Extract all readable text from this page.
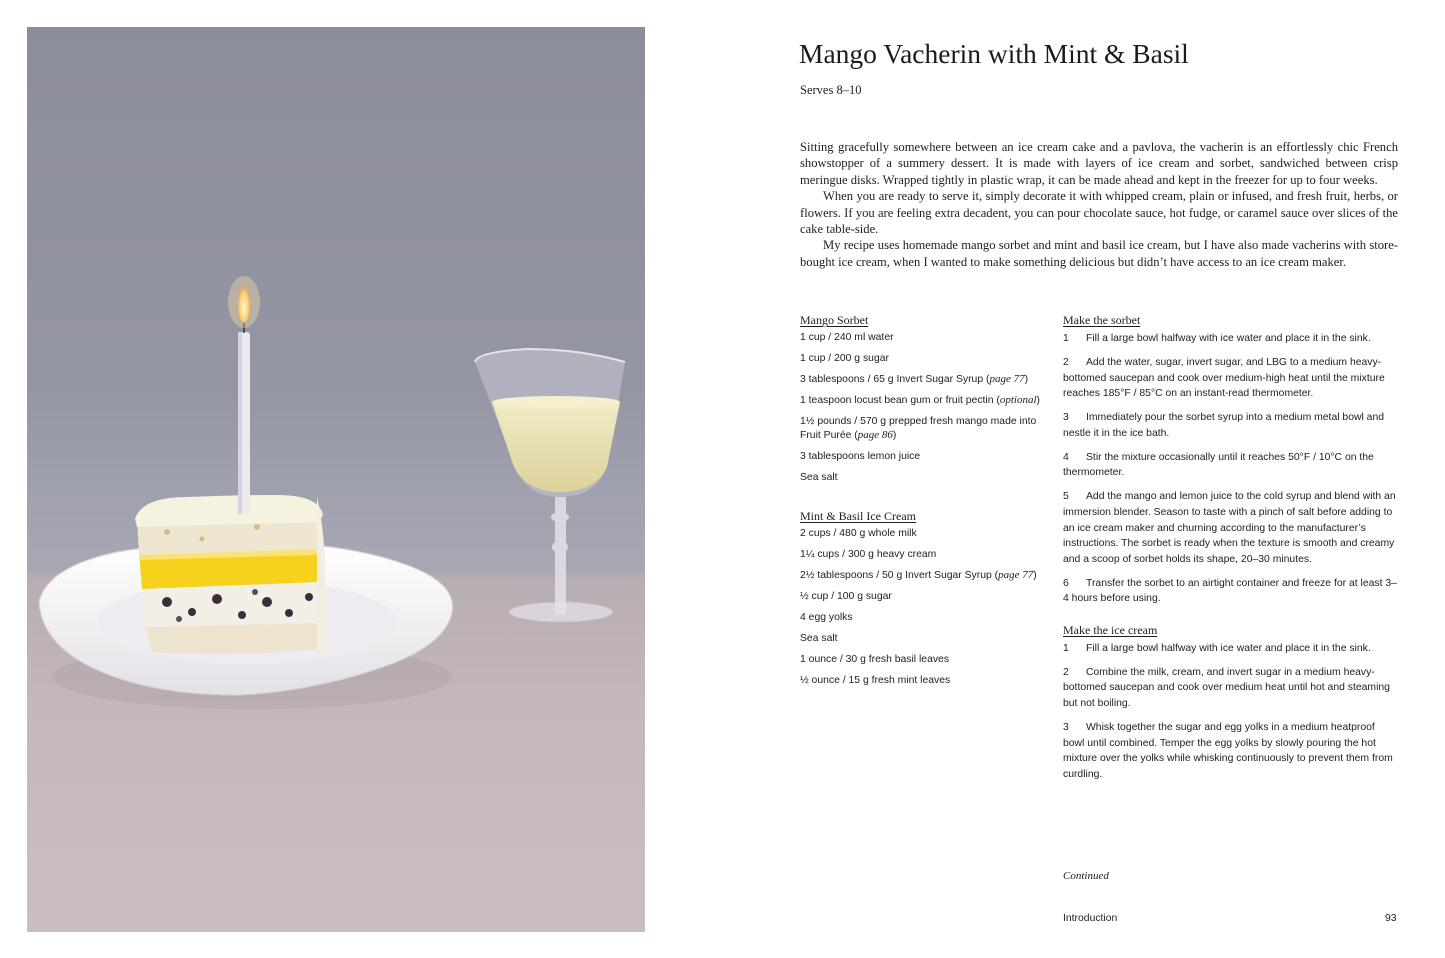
Mango Vacherin with Mint & Basil
Serves 8–10

Sitting gracefully somewhere between an ice cream cake and a pavlova, the vacherin is an effortlessly chic French showstopper of a summery dessert. It is made with layers of ice cream and sorbet, sandwiched between crisp meringue disks. Wrapped tightly in plastic wrap, it can be made ahead and kept in the freezer for up to four weeks.

When you are ready to serve it, simply decorate it with whipped cream, plain or infused, and fresh fruit, herbs, or flowers. If you are feeling extra decadent, you can pour chocolate sauce, hot fudge, or caramel sauce over slices of the cake table-side.

My recipe uses homemade mango sorbet and mint and basil ice cream, but I have also made vacherins with store-bought ice cream, when I wanted to make something delicious but didn’t have access to an ice cream maker.

Mango Sorbet
1 cup / 240 ml water
1 cup / 200 g sugar
3 tablespoons / 65 g Invert Sugar Syrup (page 77)
1 teaspoon locust bean gum or fruit pectin (optional)
1½ pounds / 570 g prepped fresh mango made into Fruit Purée (page 86)
3 tablespoons lemon juice
Sea salt
Mint & Basil Ice Cream
2 cups / 480 g whole milk
1¼ cups / 300 g heavy cream
2½ tablespoons / 50 g Invert Sugar Syrup (page 77)
½ cup / 100 g sugar
4 egg yolks
Sea salt
1 ounce / 30 g fresh basil leaves
½ ounce / 15 g fresh mint leaves
Make the sorbet
1 Fill a large bowl halfway with ice water and place it in the sink.
2 Add the water, sugar, invert sugar, and LBG to a medium heavy-bottomed saucepan and cook over medium-high heat until the mixture reaches 185°F / 85°C on an instant-read thermometer.
3 Immediately pour the sorbet syrup into a medium metal bowl and nestle it in the ice bath.
4 Stir the mixture occasionally until it reaches 50°F / 10°C on the thermometer.
5 Add the mango and lemon juice to the cold syrup and blend with an immersion blender. Season to taste with a pinch of salt before adding to an ice cream maker and churning according to the manufacturer’s instructions. The sorbet is ready when the texture is smooth and creamy and a scoop of sorbet holds its shape, 20–30 minutes.
6 Transfer the sorbet to an airtight container and freeze for at least 3–4 hours before using.
Make the ice cream
1 Fill a large bowl halfway with ice water and place it in the sink.
2 Combine the milk, cream, and invert sugar in a medium heavy-bottomed saucepan and cook over medium heat until hot and steaming but not boiling.
3 Whisk together the sugar and egg yolks in a medium heatproof bowl until combined. Temper the egg yolks by slowly pouring the hot mixture over the yolks while whisking continuously to prevent them from curdling.
Continued
Introduction	93
